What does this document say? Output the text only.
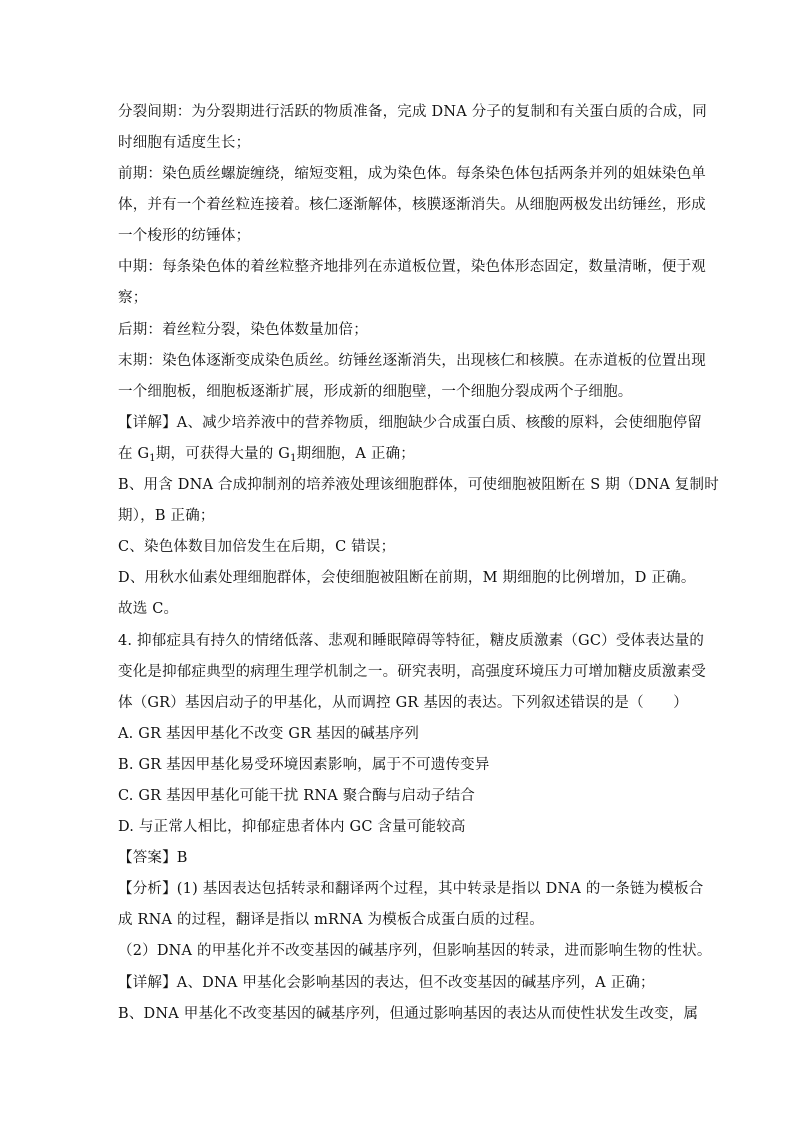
分裂间期：为分裂期进行活跃的物质准备，完成 DNA 分子的复制和有关蛋白质的合成，同
时细胞有适度生长；
前期：染色质丝螺旋缠绕，缩短变粗，成为染色体。每条染色体包括两条并列的姐妹染色单
体，并有一个着丝粒连接着。核仁逐渐解体，核膜逐渐消失。从细胞两极发出纺锤丝，形成
一个梭形的纺锤体；
中期：每条染色体的着丝粒整齐地排列在赤道板位置，染色体形态固定，数量清晰，便于观
察；
后期：着丝粒分裂，染色体数量加倍；
末期：染色体逐渐变成染色质丝。纺锤丝逐渐消失，出现核仁和核膜。在赤道板的位置出现
一个细胞板，细胞板逐渐扩展，形成新的细胞壁，一个细胞分裂成两个子细胞。
【详解】A、减少培养液中的营养物质，细胞缺少合成蛋白质、核酸的原料，会使细胞停留
在 $G_1$期，可获得大量的 $G_1$期细胞，A 正确；
B、用含 DNA 合成抑制剂的培养液处理该细胞群体，可使细胞被阻断在 S 期（DNA 复制时
期），B 正确；
C、染色体数目加倍发生在后期，C 错误；
D、用秋水仙素处理细胞群体，会使细胞被阻断在前期，M 期细胞的比例增加，D 正确。
故选 C。
4. 抑郁症具有持久的情绪低落、悲观和睡眠障碍等特征，糖皮质激素（GC）受体表达量的
变化是抑郁症典型的病理生理学机制之一。研究表明，高强度环境压力可增加糖皮质激素受
体（GR）基因启动子的甲基化，从而调控 GR 基因的表达。下列叙述错误的是（　　）
A. GR 基因甲基化不改变 GR 基因的碱基序列
B. GR 基因甲基化易受环境因素影响，属于不可遗传变异
C. GR 基因甲基化可能干扰 RNA 聚合酶与启动子结合
D. 与正常人相比，抑郁症患者体内 GC 含量可能较高
【答案】B
【分析】(1) 基因表达包括转录和翻译两个过程，其中转录是指以 DNA 的一条链为模板合
成 RNA 的过程，翻译是指以 mRNA 为模板合成蛋白质的过程。
（2）DNA 的甲基化并不改变基因的碱基序列，但影响基因的转录，进而影响生物的性状。
【详解】A、DNA 甲基化会影响基因的表达，但不改变基因的碱基序列，A 正确；
B、DNA 甲基化不改变基因的碱基序列，但通过影响基因的表达从而使性状发生改变，属
